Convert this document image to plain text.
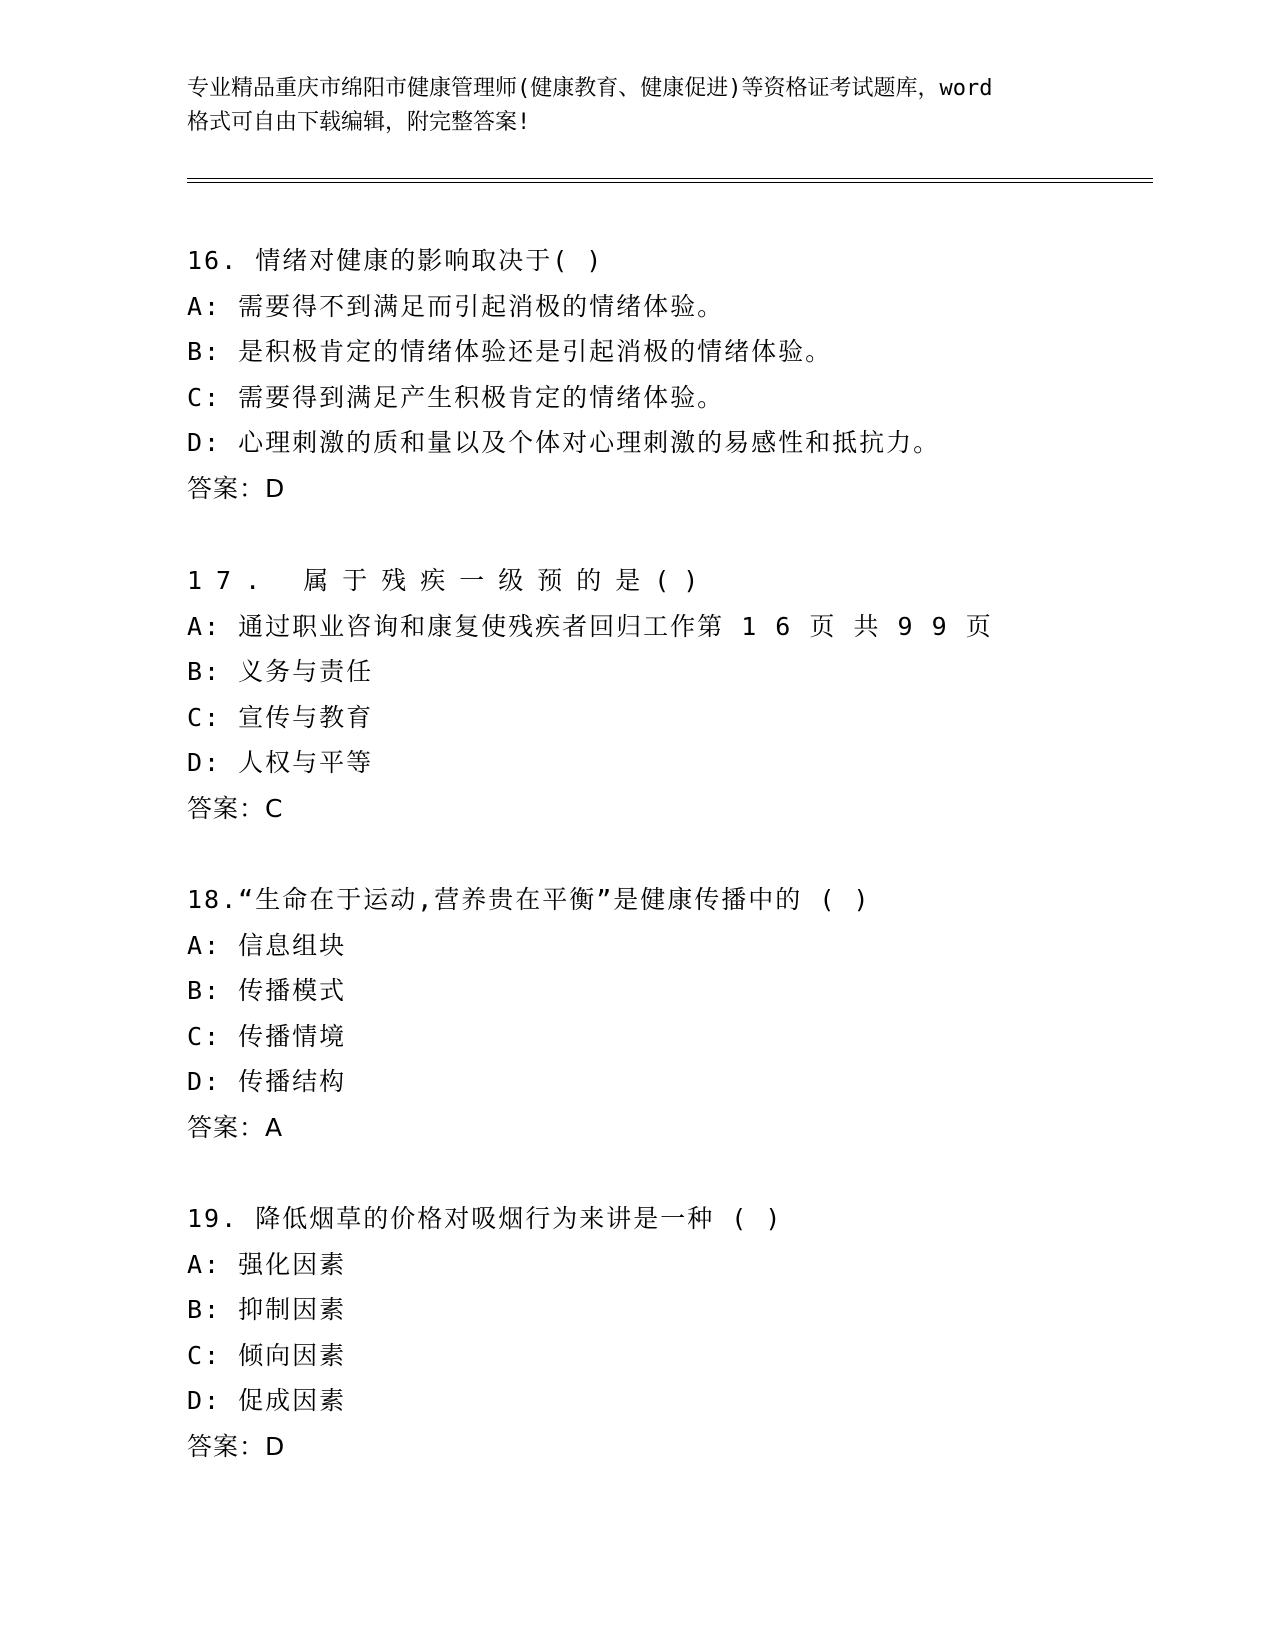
专业精品重庆市绵阳市健康管理师(健康教育、健康促进)等资格证考试题库，word
格式可自由下载编辑，附完整答案!
16. 情绪对健康的影响取决于( )
A: 需要得不到满足而引起消极的情绪体验。
B: 是积极肯定的情绪体验还是引起消极的情绪体验。
C: 需要得到满足产生积极肯定的情绪体验。
D: 心理刺激的质和量以及个体对心理刺激的易感性和抵抗力。
答案：D
17. 属于残疾一级预的是()
A: 通过职业咨询和康复使残疾者回归工作第 1 6 页 共 9 9 页
B: 义务与责任
C: 宣传与教育
D: 人权与平等
答案：C
18.“生命在于运动,营养贵在平衡”是健康传播中的 ( )
A: 信息组块
B: 传播模式
C: 传播情境
D: 传播结构
答案：A
19. 降低烟草的价格对吸烟行为来讲是一种 ( )
A: 强化因素
B: 抑制因素
C: 倾向因素
D: 促成因素
答案：D
